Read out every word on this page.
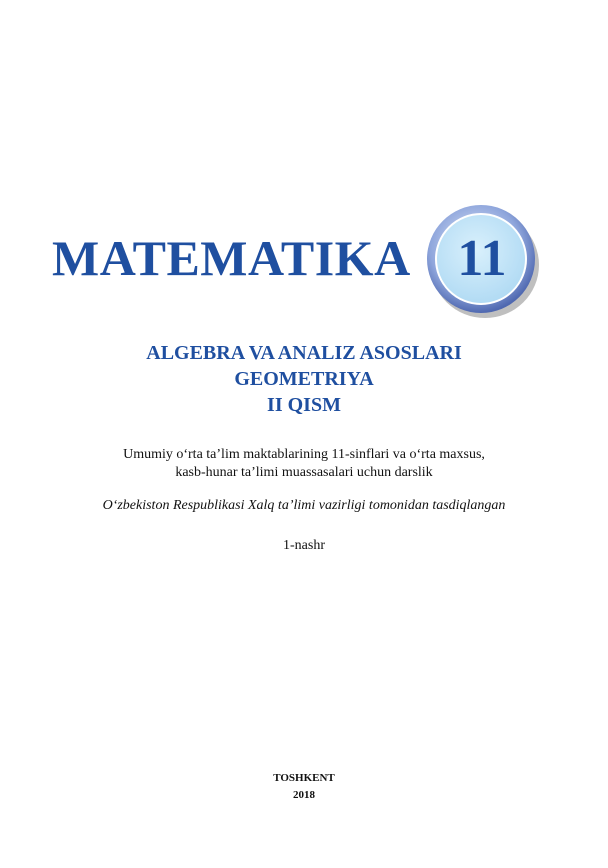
MATEMATIKA 11
ALGEBRA VA ANALIZ ASOSLARI
GEOMETRIYA
II QISM
Umumiy o‘rta ta’lim maktablarining 11-sinflari va o‘rta maxsus,
kasb-hunar ta’limi muassasalari uchun darslik
O‘zbekiston Respublikasi Xalq ta’limi vazirligi tomonidan tasdiqlangan
1-nashr
TOSHKENT
2018
